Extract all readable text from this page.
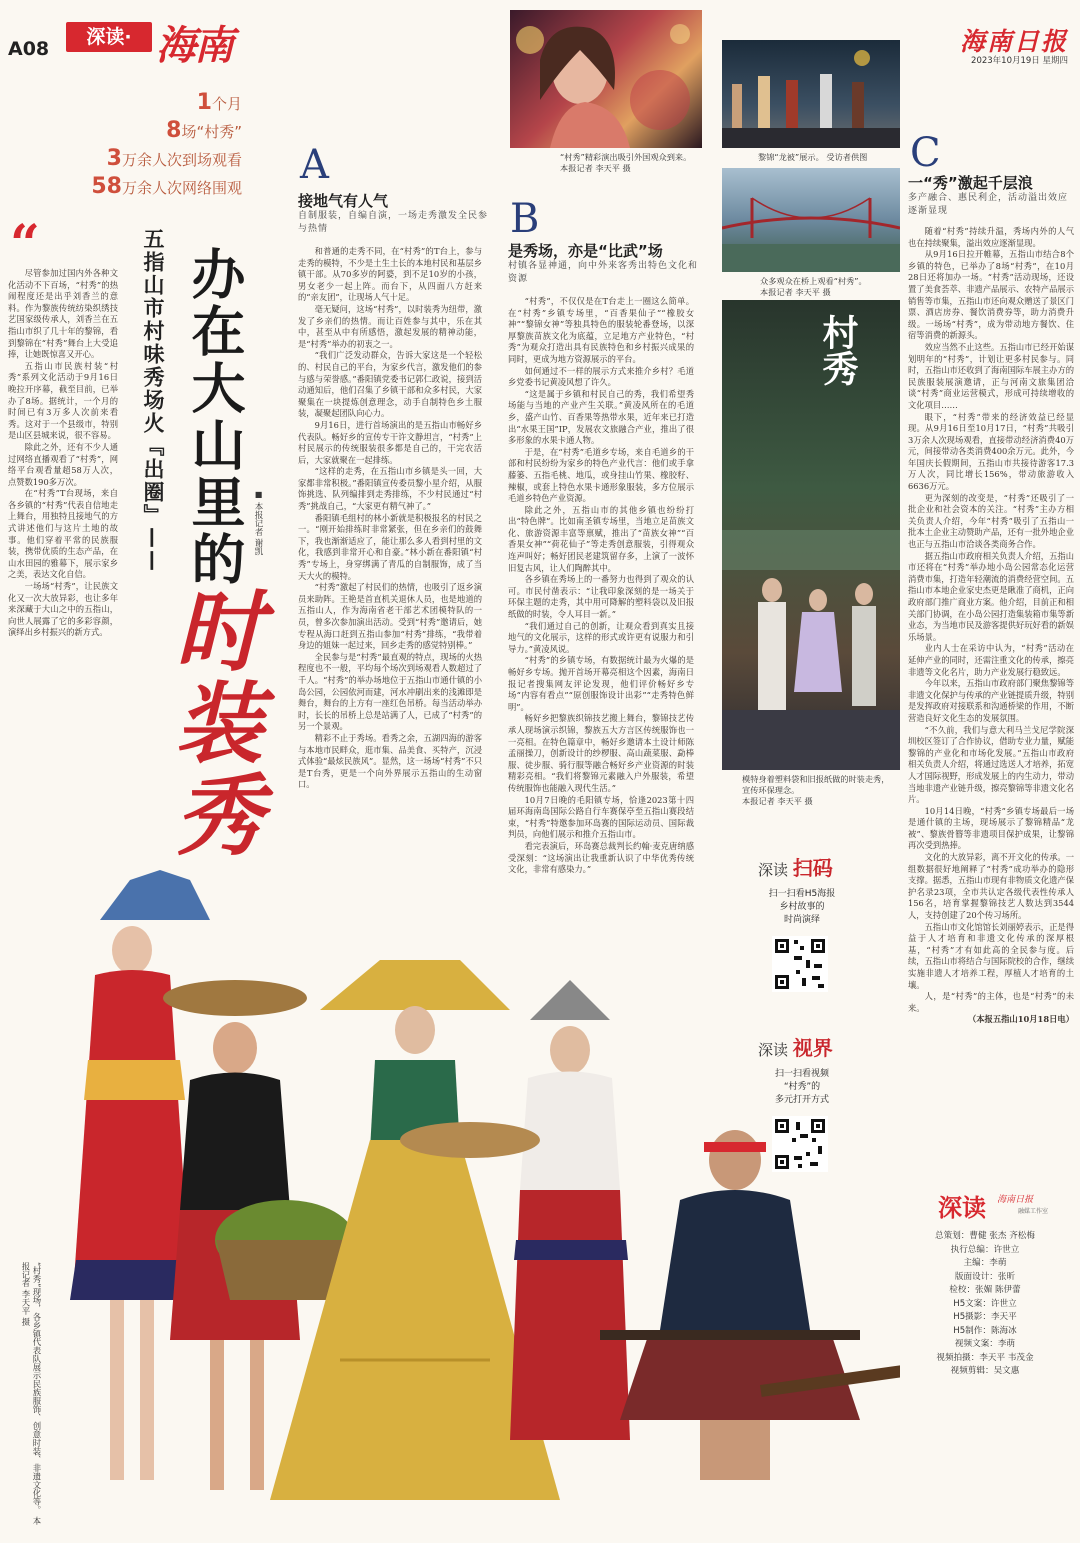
A08
深读· 海南	海南日报
2023年10月19日 星期四
1个月
8场“村秀”
3万余人次到场观看
58万余人次网络围观
五指山市村味秀场火『出圈』—— 办在大山里的
时装秀
■ 本报记者 谢凯
“

尽管参加过国内外各种文化活动不下百场，“村秀”的热闹程度还是出乎刘香兰的意料。作为黎族传统纺染织绣技艺国家级传承人，刘香兰在五指山市织了几十年的黎锦，看到黎锦在“村秀”舞台上大受追捧，让她既惊喜又开心。

五指山市民族村装“村秀”系列文化活动于9月16日晚拉开序幕，截至目前，已举办了8场。据统计，一个月的时间已有3万多人次前来看秀。这对于一个县级市，特别是山区县城来说，很不容易。

除此之外，还有不少人通过网络直播观看了“村秀”，网络平台观看量超58万人次，点赞数190多万次。

在“村秀”T台现场，来自各乡镇的“村秀”代表自信地走上舞台，用独特且接地气的方式讲述他们与这片土地的故事。他们穿着平常的民族服装，携带优质的生态产品，在山水田园的雅幕下，展示家乡之美，表达文化自信。

一场场“村秀”，让民族文化又一次大放异彩，也让多年来深藏于大山之中的五指山，向世人展露了它的多彩容颜，演绎出乡村振兴的新方式。

A
接地气有人气
自制服装，自编自演，一场走秀激发全民参与热情

和普通的走秀不同，在“村秀”的T台上，参与走秀的模特，不少是土生土长的本地村民和基层乡镇干部。从70多岁的阿婆，到不足10岁的小孩，男女老少一起上阵。而台下，从四面八方赶来的“亲友团”，让现场人气十足。

毫无疑问，这场“村秀”，以时装秀为纽带，激发了乡亲们的热情。而让百姓参与其中，乐在其中，甚至从中有所感悟，激起发展的精神动能，是“村秀”举办的初衷之一。

“我们广泛发动群众，告诉大家这是一个轻松的、村民自己的平台，为家乡代言，激发他们的参与感与荣誉感。”番阳镇党委书记郭仁政说，接到活动通知后，他们召集了乡镇干部和众多村民，大家聚集在一块提炼创意理念，动手自制特色乡土服装，凝聚起团队向心力。

9月16日，进行首场演出的是五指山市畅好乡代表队。畅好乡的宣传专干许文静坦言，“村秀”上村民展示的传统服装很多都是自己的，干完农活后，大家就聚在一起排练。

“这样的走秀，在五指山市乡镇是头一回，大家都非常积极。”番阳镇宣传委员黎小星介绍，从服饰挑选、队列编排到走秀排练，不少村民通过“村秀”挑战自己，“大家更有精气神了。”

番阳镇毛组村的林小新就是积极报名的村民之一。“刚开始排练时非常紧张，但在乡亲们的鼓舞下，我也渐渐适应了，能让那么多人看到村里的文化，我感到非常开心和自豪。”林小新在番阳镇“村秀”专场上，身穿绑满了青瓜的自制服饰，成了当天大火的模特。

“村秀”激起了村民们的热情，也吸引了返乡演员来助阵。王艳是首直机关退休人员，也是地道的五指山人，作为海南省老干部艺术团模特队的一员，曾多次参加演出活动。受到“村秀”邀请后，她专程从海口赶到五指山参加“村秀”排练，“我带着身边的姐妹一起过来，回乡走秀的感觉特别棒。”

全民参与是“村秀”最直观的特点，现场的火热程度也不一般，平均每个场次到场观看人数超过了千人。“村秀”的举办场地位于五指山市通什镇的小岛公园，公园依河而建，河水冲刷出来的浅滩即是舞台，舞台的上方有一座红色吊桥。每当活动举办时，长长的吊桥上总是站满了人，已成了“村秀”的另一个景观。

精彩不止于秀场。看秀之余，五湖四海的游客与本地市民畔众，逛市集、品美食、买特产，沉浸式体验“最炫民族风”。显然，这一场场“村秀”不只是T台秀，更是一个向外界展示五指山的生动窗口。

B
是秀场，亦是“比武”场
村镇各显神通，向中外来客秀出特色文化和资源

“村秀”，不仅仅是在T台走上一圈这么简单。在“村秀”乡镇专场里，“百香果仙子”“橡胶女神”“黎锦女神”等独具特色的服装轮番登场，以深厚黎族苗族文化为底蕴，立足地方产业特色，“村秀”为观众打造出具有民族特色和乡村振兴成果的同时，更成为地方资源展示的平台。

如何通过不一样的展示方式来推介乡村？毛道乡党委书记黄凌风想了许久。

“这是属于乡镇和村民自己的秀，我们希望秀场能与当地的产业产生关联。”黄凌风所在的毛道乡，盛产山竹、百香果等热带水果，近年来已打造出“水果王国”IP，发展农文旅融合产业，推出了很多形象的水果卡通人物。

于是，在“村秀”毛道乡专场，来自毛道乡的干部和村民纷纷为家乡的特色产业代言：他们或手拿藤篓、五指毛桃、地瓜，或身挂山竹果、橡胶籽、辣椒，或套上特色水果卡通形象服装，多方位展示毛道乡特色产业资源。

除此之外，五指山市的其他乡镇也纷纷打出“特色牌”。比如南圣镇专场里，当地立足苗族文化、旅游资源丰富等禀赋，推出了“苗族女神”“百香果女神”“荷花仙子”等走秀创意服装，引得观众连声叫好；畅好团民老建筑留存多，上演了一波怀旧复古风，让人们陶醉其中。

各乡镇在秀场上的一番努力也得到了观众的认可。市民付凿表示：“让我印象深刻的是一场关于环保主题的走秀，其中用可降解的塑料袋以及旧报纸做的时装，令人耳目一新。”

“我们通过自己的创新，让观众看到真实且接地气的文化展示，这样的形式或许更有说服力和引导力。”黄凌风说。

“村秀”的乡镇专场，有数据统计最为火爆的是畅好乡专场。抛开首场开幕亮相这个因素，海南日报记者搜集网友评论发现，他们评价畅好乡专场“内容有看点”“原创服饰设计出彩”“走秀特色鲜明”。

畅好乡把黎族织锦技艺搬上舞台，黎锦技艺传承人现场演示织锦，黎族五大方言区传统服饰也一一亮相。在特色篇章中，畅好乡邀请本土设计师陈孟丽操刀，创新设计的纱椤服、高山蔬菜服、勐棒服、徒步服、骑行服等融合畅好乡产业资源的时装精彩亮相。“我们将黎锦元素融入户外服装，希望传统服饰也能融入现代生活。”

10月7日晚的毛阳镇专场，恰逢2023第十四届环海南岛国际公路自行车赛保亭至五指山赛段结束，“村秀”特邀参加环岛赛的国际运动员、国际裁判员，向他们展示和推介五指山市。

看完表演后，环岛赛总裁判长约翰·麦克唐纳感受深刻：“这场演出让我重新认识了中华优秀传统文化，非常有感染力。”

C
一“秀”激起千层浪
多产融合、惠民利企，活动溢出效应逐渐显现

随着“村秀”持续升温，秀场内外的人气也在持续聚集，溢出效应逐渐显现。

从9月16日拉开帷幕，五指山市结合8个乡镇的特色，已举办了8场“村秀”，在10月28日还将加办一场。“村秀”活动现场，还设置了美食荟萃、非遗产品展示、农特产品展示销售等市集，五指山市还向观众赠送了景区门票、酒店房券、餐饮消费券等，助力消费升级。一场场“村秀”，成为带动地方餐饮、住宿等消费的新源头。

效应当然不止这些。五指山市已经开始谋划明年的“村秀”，计划让更多村民参与。同时，五指山市还收到了海南国际车展主办方的民族服装展演邀请，正与河南文旅集团洽谈“村秀”商业运营模式，形成可持续增收的文化项目……

眼下，“村秀”带来的经济效益已经显现。从9月16日至10月17日，“村秀”共吸引3万余人次现场观看，直接带动经济消费40万元，间接带动各类消费400余万元。此外，今年国庆长假期间，五指山市共接待游客17.3万人次，同比增长156%，带动旅游收入6636万元。

更为深刻的改变是，“村秀”还吸引了一批企业和社会资本的关注。“村秀”主办方相关负责人介绍，今年“村秀”吸引了五指山一批本土企业主动赞助产品，还有一批外地企业也正与五指山市洽谈各类商务合作。

据五指山市政府相关负责人介绍，五指山市还将在“村秀”举办地小岛公园常态化运营消费市集，打造年轻潮流的消费经营空间。五指山市本地企业家史杰更是瞅准了商机，正向政府部门推广商业方案。他介绍，目前正和相关部门协调，在小岛公园打造集装箱市集等新业态，为当地市民及游客提供好玩好看的新娱乐场景。

业内人士在采访中认为，“村秀”活动在延伸产业的同时，还需注重文化的传承，擦亮非遗等文化名片，助力产业发展行稳致远。

今年以来，五指山市政府部门聚焦黎锦等非遗文化保护与传承的产业链提质升级，特别是发挥政府对接联系和沟通桥梁的作用，不断营造良好文化生态的发展氛围。

“不久前，我们与意大利马兰戈尼学院深圳校区签订了合作协议，借助专业力量，赋能黎锦的产业化和市场化发展。”五指山市政府相关负责人介绍，将通过选送人才培养，拓宽人才国际视野，形成发展上的内生动力，带动当地非遗产业链升级，擦亮黎锦等非遗文化名片。

10月14日晚，“村秀”乡镇专场最后一场是通什镇的主场，现场展示了黎锦精品“龙被”、黎族骨簪等非遗项目保护成果，让黎锦再次受到热捧。

文化的大放异彩，离不开文化的传承。一组数据很好地阐释了“村秀”成功举办的隐形支撑。据悉，五指山市现有非物质文化遗产保护名录23项，全市共认定各级代表性传承人156名，培育掌握黎锦技艺人数达到3544人，支持创建了20个传习场所。

五指山市文化馆馆长刘丽婷表示，正是得益于人才培育和非遗文化传承的深厚根基，“村秀”才有如此高的全民参与度。后续，五指山市将结合与国际院校的合作，继续实施非遗人才培养工程，厚植人才培育的土壤。

人，是“村秀”的主体，也是“村秀”的未来。

（本报五指山10月18日电）

“村秀”精彩演出吸引外国观众到来。
本报记者 李天平 摄
黎锦“龙被”展示。 受访者供图
众多观众在桥上观看“村秀”。
本报记者 李天平 摄
村秀
模特身着塑料袋和旧报纸做的时装走秀，宣传环保理念。
本报记者 李天平 摄
深读 扫码
扫一扫看H5海报
乡村故事的
时尚演绎
深读 视界
扫一扫看视频
“村秀”的
多元打开方式
深读 海南日报
融媒工作室
总策划：曹健 张杰 齐松梅
执行总编：许世立
主编：李萌
版面设计：张昕
检校：张媚 陈伊蕾
H5文案：许世立
H5摄影：李天平
H5制作：陈海冰
视频文案：李萌
视频拍摄：李天平 韦茂金
视频剪辑：吴文惠
“村秀”现场，各乡镇代表队展示民族服饰、创意时装、非遗文化等。 本报记者 李天平 摄
